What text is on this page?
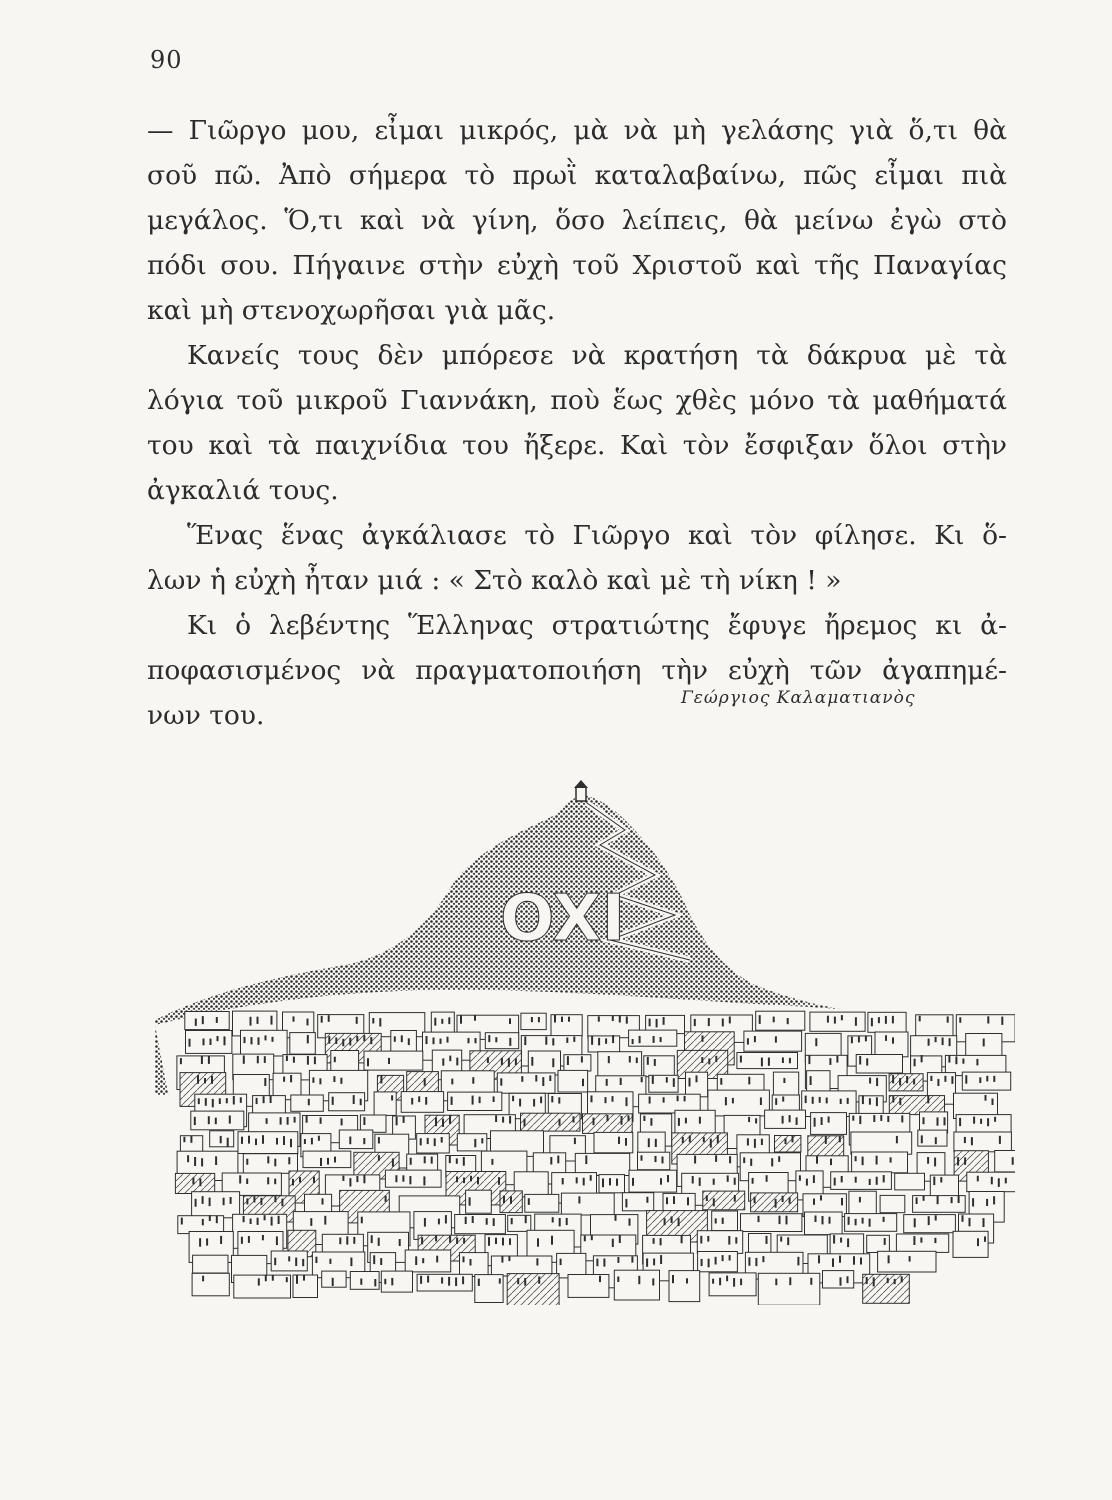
90
— Γιῶργο μου, εἶμαι μικρός, μὰ νὰ μὴ γελάσης γιὰ ὅ,τι θὰ
σοῦ πῶ. Ἀπὸ σήμερα τὸ πρωῒ καταλαβαίνω, πῶς εἶμαι πιὰ
μεγάλος. Ὅ,τι καὶ νὰ γίνη, ὅσο λείπεις, θὰ μείνω ἐγὼ στὸ
πόδι σου. Πήγαινε στὴν εὐχὴ τοῦ Χριστοῦ καὶ τῆς Παναγίας
καὶ μὴ στενοχωρῆσαι γιὰ μᾶς.
Κανείς τους δὲν μπόρεσε νὰ κρατήση τὰ δάκρυα μὲ τὰ
λόγια τοῦ μικροῦ Γιαννάκη, ποὺ ἕως χθὲς μόνο τὰ μαθήματά
του καὶ τὰ παιχνίδια του ἤξερε. Καὶ τὸν ἔσφιξαν ὅλοι στὴν
ἀγκαλιά τους.
Ἕνας ἕνας ἀγκάλιασε τὸ Γιῶργο καὶ τὸν φίλησε. Κι ὅ-
λων ἡ εὐχὴ ἦταν μιά : « Στὸ καλὸ καὶ μὲ τὴ νίκη ! »
Κι ὁ λεβέντης Ἕλληνας στρατιώτης ἔφυγε ἤρεμος κι ἀ-
ποφασισμένος νὰ πραγματοποιήση τὴν εὐχὴ τῶν ἀγαπημέ-
νων του.
Γεώργιος Καλαματιανὸς
OXI
